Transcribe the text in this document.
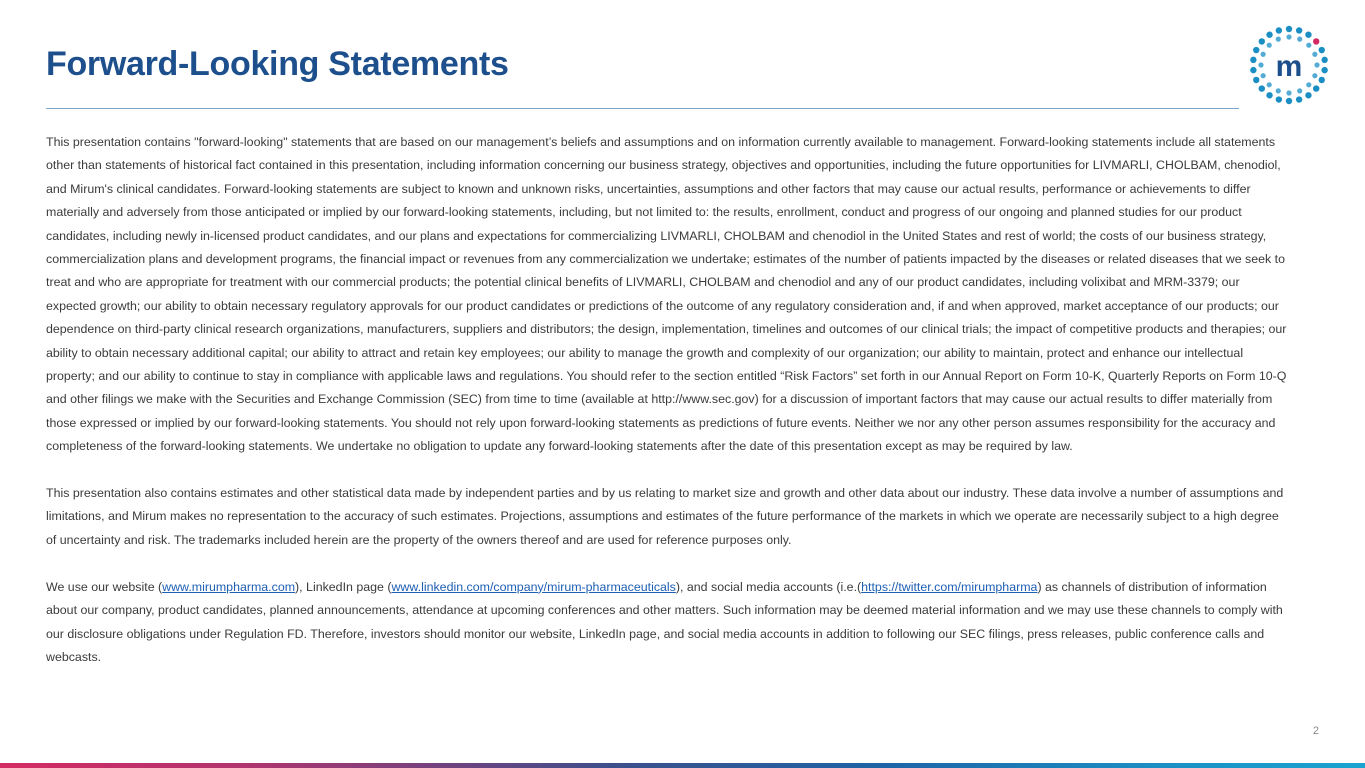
Forward-Looking Statements	m

This presentation contains "forward-looking" statements that are based on our management’s beliefs and assumptions and on information currently available to management. Forward-looking statements include all statements other than statements of historical fact contained in this presentation, including information concerning our business strategy, objectives and opportunities, including the future opportunities for LIVMARLI, CHOLBAM, chenodiol, and Mirum's clinical candidates. Forward-looking statements are subject to known and unknown risks, uncertainties, assumptions and other factors that may cause our actual results, performance or achievements to differ materially and adversely from those anticipated or implied by our forward-looking statements, including, but not limited to: the results, enrollment, conduct and progress of our ongoing and planned studies for our product candidates, including newly in-licensed product candidates, and our plans and expectations for commercializing LIVMARLI, CHOLBAM and chenodiol in the United States and rest of world; the costs of our business strategy, commercialization plans and development programs, the financial impact or revenues from any commercialization we undertake; estimates of the number of patients impacted by the diseases or related diseases that we seek to treat and who are appropriate for treatment with our commercial products; the potential clinical benefits of LIVMARLI, CHOLBAM and chenodiol and any of our product candidates, including volixibat and MRM-3379; our expected growth; our ability to obtain necessary regulatory approvals for our product candidates or predictions of the outcome of any regulatory consideration and, if and when approved, market acceptance of our products; our dependence on third-party clinical research organizations, manufacturers, suppliers and distributors; the design, implementation, timelines and outcomes of our clinical trials; the impact of competitive products and therapies; our ability to obtain necessary additional capital; our ability to attract and retain key employees; our ability to manage the growth and complexity of our organization; our ability to maintain, protect and enhance our intellectual property; and our ability to continue to stay in compliance with applicable laws and regulations. You should refer to the section entitled “Risk Factors” set forth in our Annual Report on Form 10-K, Quarterly Reports on Form 10-Q and other filings we make with the Securities and Exchange Commission (SEC) from time to time (available at http://www.sec.gov) for a discussion of important factors that may cause our actual results to differ materially from those expressed or implied by our forward-looking statements. You should not rely upon forward-looking statements as predictions of future events. Neither we nor any other person assumes responsibility for the accuracy and completeness of the forward-looking statements. We undertake no obligation to update any forward-looking statements after the date of this presentation except as may be required by law.

This presentation also contains estimates and other statistical data made by independent parties and by us relating to market size and growth and other data about our industry. These data involve a number of assumptions and limitations, and Mirum makes no representation to the accuracy of such estimates. Projections, assumptions and estimates of the future performance of the markets in which we operate are necessarily subject to a high degree of uncertainty and risk. The trademarks included herein are the property of the owners thereof and are used for reference purposes only.

We use our website (www.mirumpharma.com), LinkedIn page (www.linkedin.com/company/mirum-pharmaceuticals), and social media accounts (i.e.(https://twitter.com/mirumpharma) as channels of distribution of information about our company, product candidates, planned announcements, attendance at upcoming conferences and other matters. Such information may be deemed material information and we may use these channels to comply with our disclosure obligations under Regulation FD. Therefore, investors should monitor our website, LinkedIn page, and social media accounts in addition to following our SEC filings, press releases, public conference calls and webcasts.

2
